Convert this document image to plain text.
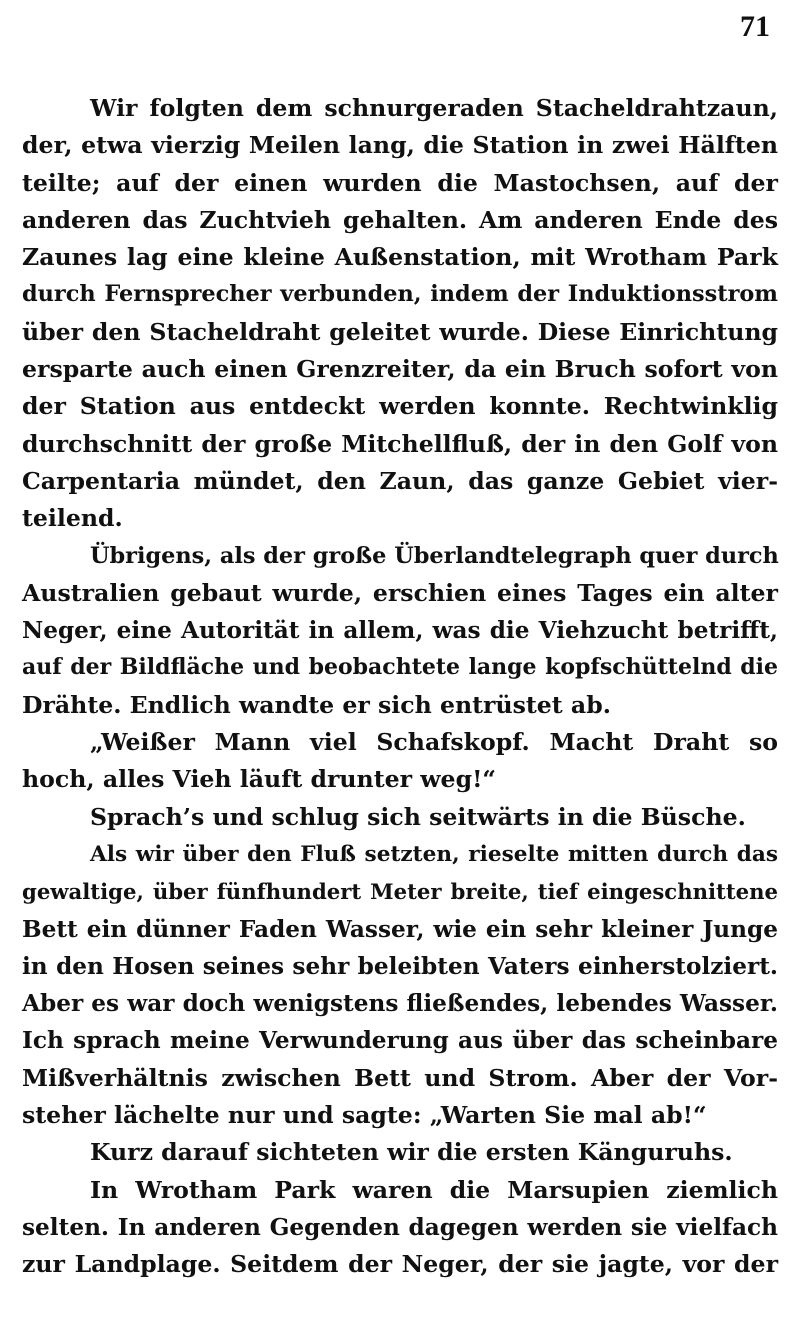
71
Wir folgten dem schnurgeraden Stacheldrahtzaun,
der, etwa vierzig Meilen lang, die Station in zwei Hälften
teilte; auf der einen wurden die Mastochsen, auf der
anderen das Zuchtvieh gehalten. Am anderen Ende des
Zaunes lag eine kleine Außenstation, mit Wrotham Park
durch Fernsprecher verbunden, indem der Induktionsstrom
über den Stacheldraht geleitet wurde. Diese Einrichtung
ersparte auch einen Grenzreiter, da ein Bruch sofort von
der Station aus entdeckt werden konnte. Rechtwinklig
durchschnitt der große Mitchellfluß, der in den Golf von
Carpentaria mündet, den Zaun, das ganze Gebiet vier-
teilend.
Übrigens, als der große Überlandtelegraph quer durch
Australien gebaut wurde, erschien eines Tages ein alter
Neger, eine Autorität in allem, was die Viehzucht betrifft,
auf der Bildfläche und beobachtete lange kopfschüttelnd die
Drähte. Endlich wandte er sich entrüstet ab.
„Weißer Mann viel Schafskopf. Macht Draht so
hoch, alles Vieh läuft drunter weg!“
Sprach’s und schlug sich seitwärts in die Büsche.
Als wir über den Fluß setzten, rieselte mitten durch das
gewaltige, über fünfhundert Meter breite, tief eingeschnittene
Bett ein dünner Faden Wasser, wie ein sehr kleiner Junge
in den Hosen seines sehr beleibten Vaters einherstolziert.
Aber es war doch wenigstens fließendes, lebendes Wasser.
Ich sprach meine Verwunderung aus über das scheinbare
Mißverhältnis zwischen Bett und Strom. Aber der Vor-
steher lächelte nur und sagte: „Warten Sie mal ab!“
Kurz darauf sichteten wir die ersten Känguruhs.
In Wrotham Park waren die Marsupien ziemlich
selten. In anderen Gegenden dagegen werden sie vielfach
zur Landplage. Seitdem der Neger, der sie jagte, vor der
